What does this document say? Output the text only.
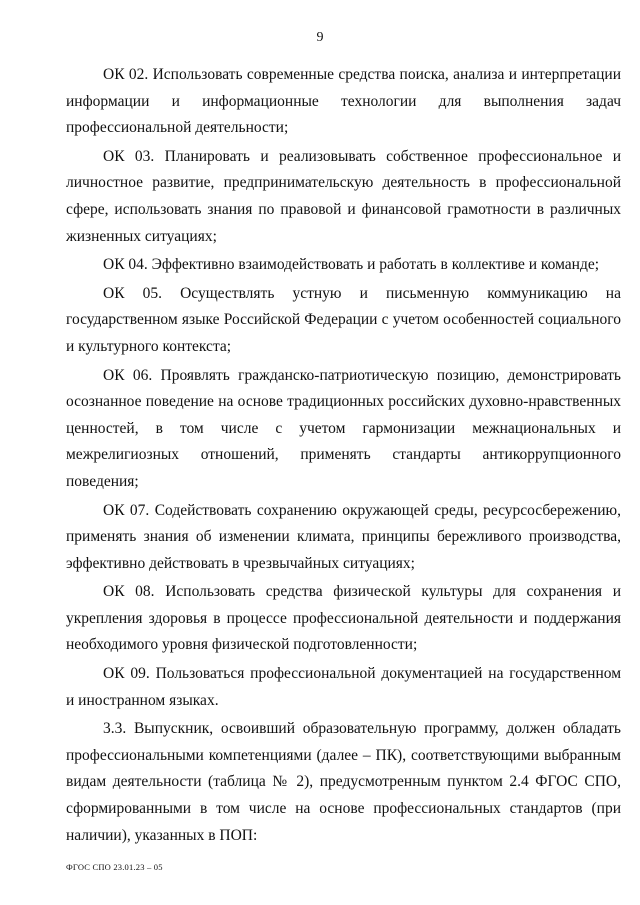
9

ОК 02. Использовать современные средства поиска, анализа и интерпретации информации и информационные технологии для выполнения задач профессиональной деятельности;

ОК 03. Планировать и реализовывать собственное профессиональное и личностное развитие, предпринимательскую деятельность в профессиональной сфере, использовать знания по правовой и финансовой грамотности в различных жизненных ситуациях;

ОК 04. Эффективно взаимодействовать и работать в коллективе и команде;

ОК 05. Осуществлять устную и письменную коммуникацию на государственном языке Российской Федерации с учетом особенностей социального и культурного контекста;

ОК 06. Проявлять гражданско-патриотическую позицию, демонстрировать осознанное поведение на основе традиционных российских духовно-нравственных ценностей, в том числе с учетом гармонизации межнациональных и межрелигиозных отношений, применять стандарты антикоррупционного поведения;

ОК 07. Содействовать сохранению окружающей среды, ресурсосбережению, применять знания об изменении климата, принципы бережливого производства, эффективно действовать в чрезвычайных ситуациях;

ОК 08. Использовать средства физической культуры для сохранения и укрепления здоровья в процессе профессиональной деятельности и поддержания необходимого уровня физической подготовленности;

ОК 09. Пользоваться профессиональной документацией на государственном и иностранном языках.

3.3. Выпускник, освоивший образовательную программу, должен обладать профессиональными компетенциями (далее – ПК), соответствующими выбранным видам деятельности (таблица № 2), предусмотренным пунктом 2.4 ФГОС СПО, сформированными в том числе на основе профессиональных стандартов (при наличии), указанных в ПОП:

ФГОС СПО 23.01.23 – 05
